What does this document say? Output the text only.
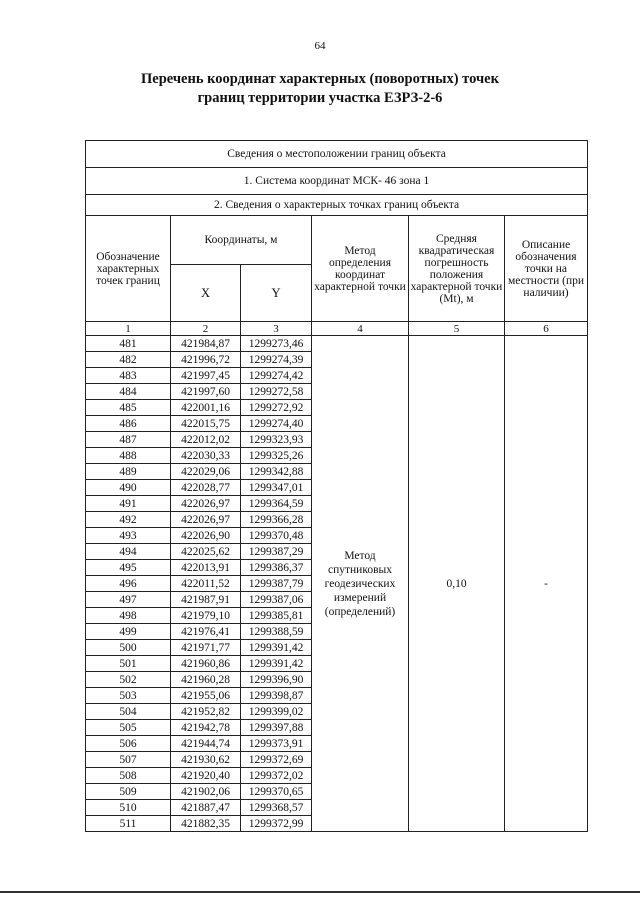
64
Перечень координат характерных (поворотных) точек
границ территории участка ЕЗРЗ-2-6
Сведения о местоположении границ объекта					
1. Система координат МСК- 46 зона 1					
2. Сведения о характерных точках границ объекта					
Обозначение характерных точек границ	Координаты, м		Метод определения координат характерной точки	Средняя квадратическая погрешность положения характерной точки (Mt), м	Описание обозначения точки на местности (при наличии)
	X	Y			
1	2	3	4	5	6
481	421984,87	1299273,46	Метод спутниковых геодезических измерений (определений)	0,10	-
482	421996,72	1299274,39			
483	421997,45	1299274,42			
484	421997,60	1299272,58			
485	422001,16	1299272,92			
486	422015,75	1299274,40			
487	422012,02	1299323,93			
488	422030,33	1299325,26			
489	422029,06	1299342,88			
490	422028,77	1299347,01			
491	422026,97	1299364,59			
492	422026,97	1299366,28			
493	422026,90	1299370,48			
494	422025,62	1299387,29			
495	422013,91	1299386,37			
496	422011,52	1299387,79			
497	421987,91	1299387,06			
498	421979,10	1299385,81			
499	421976,41	1299388,59			
500	421971,77	1299391,42			
501	421960,86	1299391,42			
502	421960,28	1299396,90			
503	421955,06	1299398,87			
504	421952,82	1299399,02			
505	421942,78	1299397,88			
506	421944,74	1299373,91			
507	421930,62	1299372,69			
508	421920,40	1299372,02			
509	421902,06	1299370,65			
510	421887,47	1299368,57			
511	421882,35	1299372,99			
